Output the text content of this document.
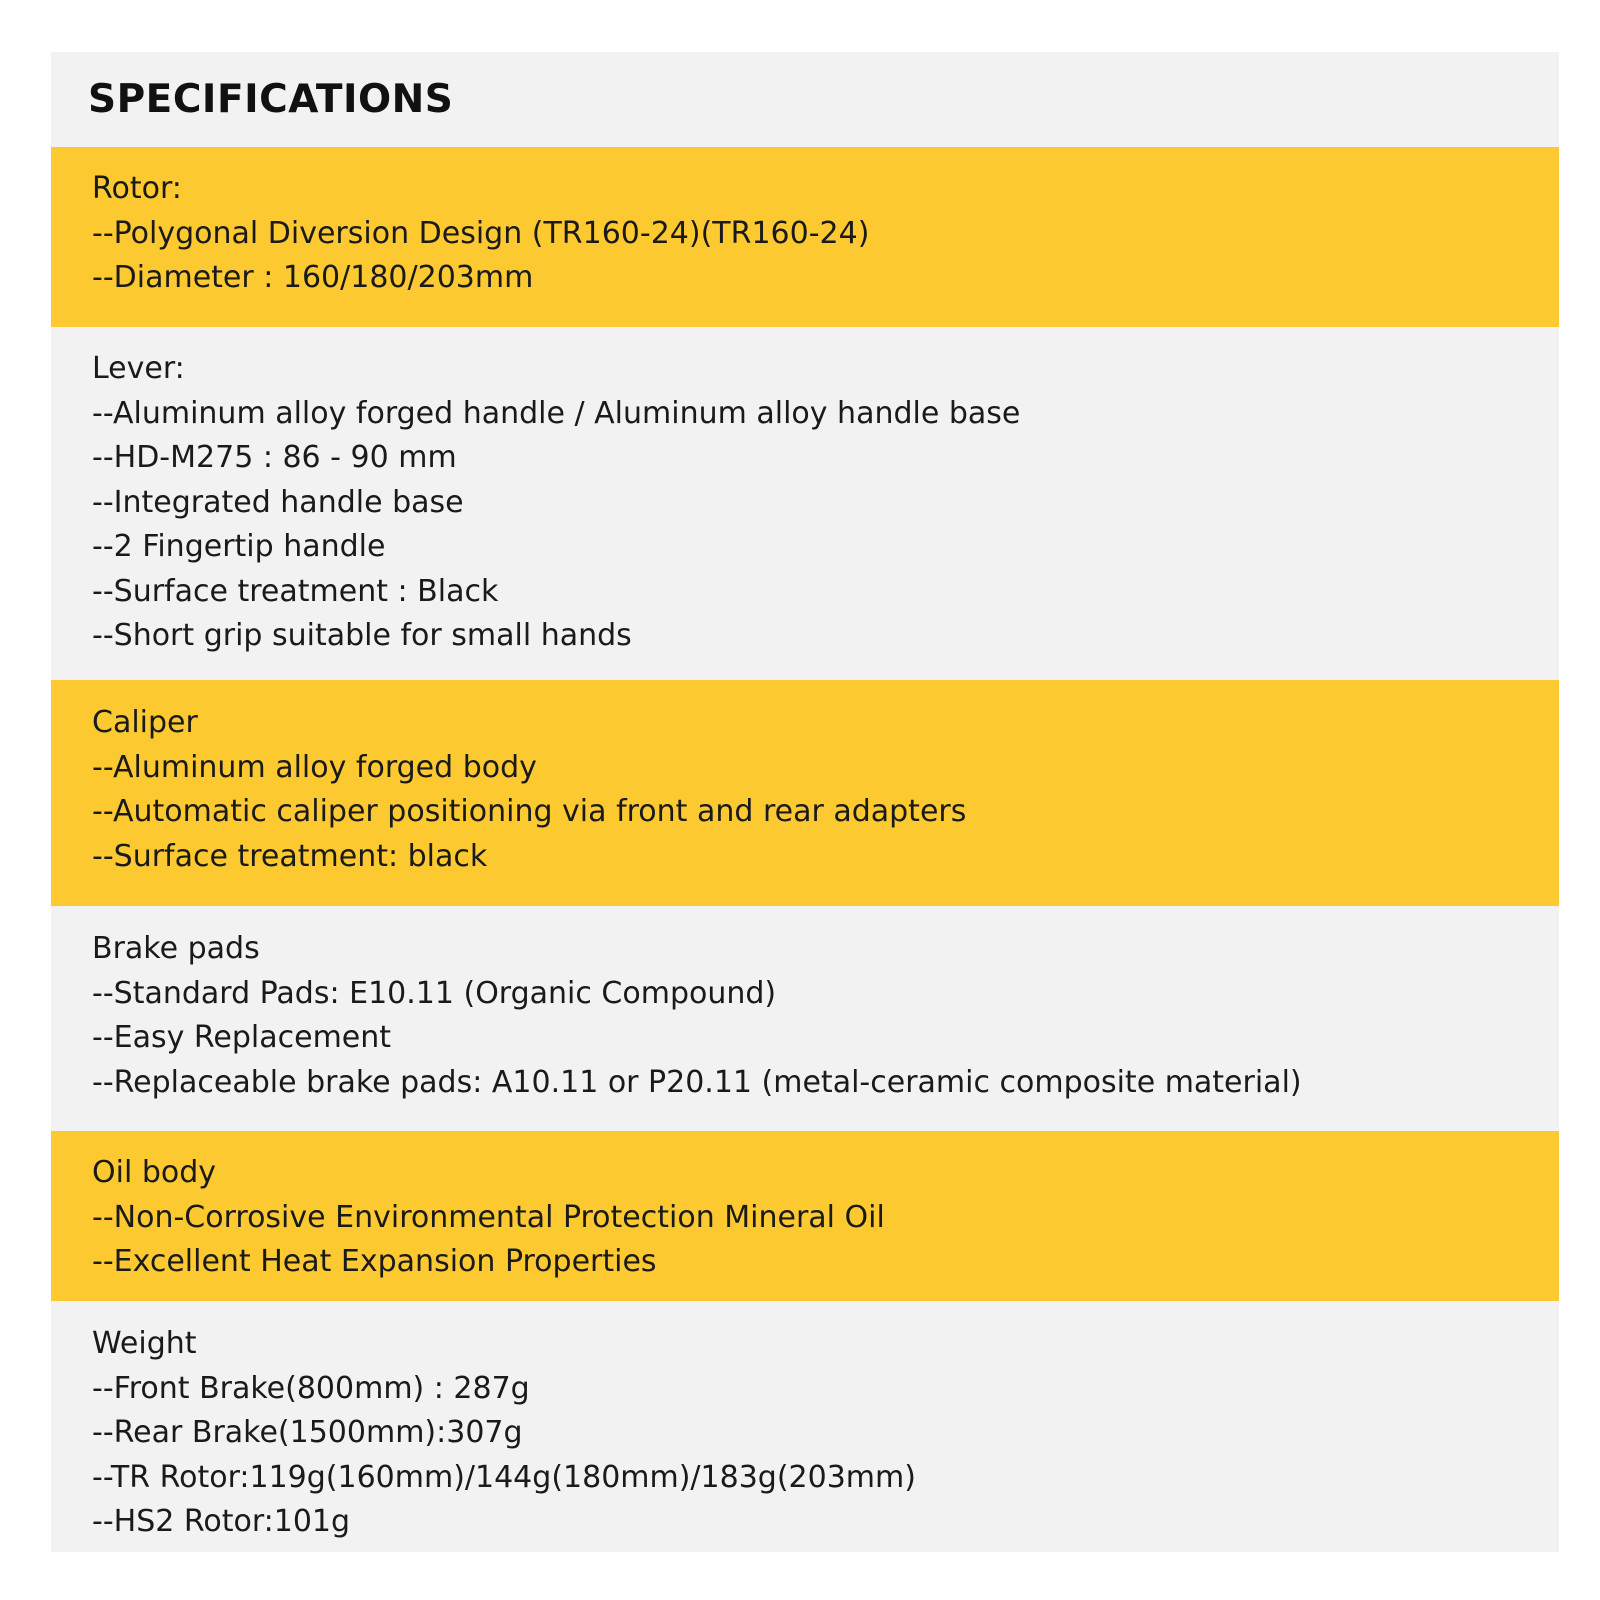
SPECIFICATIONS
Rotor:
--Polygonal Diversion Design (TR160-24)(TR160-24)
--Diameter : 160/180/203mm
Lever:
--Aluminum alloy forged handle / Aluminum alloy handle base
--HD-M275 : 86 - 90 mm
--Integrated handle base
--2 Fingertip handle
--Surface treatment : Black
--Short grip suitable for small hands
Caliper
--Aluminum alloy forged body
--Automatic caliper positioning via front and rear adapters
--Surface treatment: black
Brake pads
--Standard Pads: E10.11 (Organic Compound)
--Easy Replacement
--Replaceable brake pads: A10.11 or P20.11 (metal-ceramic composite material)
Oil body
--Non-Corrosive Environmental Protection Mineral Oil
--Excellent Heat Expansion Properties
Weight
--Front Brake(800mm) : 287g
--Rear Brake(1500mm):307g
--TR Rotor:119g(160mm)/144g(180mm)/183g(203mm)
--HS2 Rotor:101g
